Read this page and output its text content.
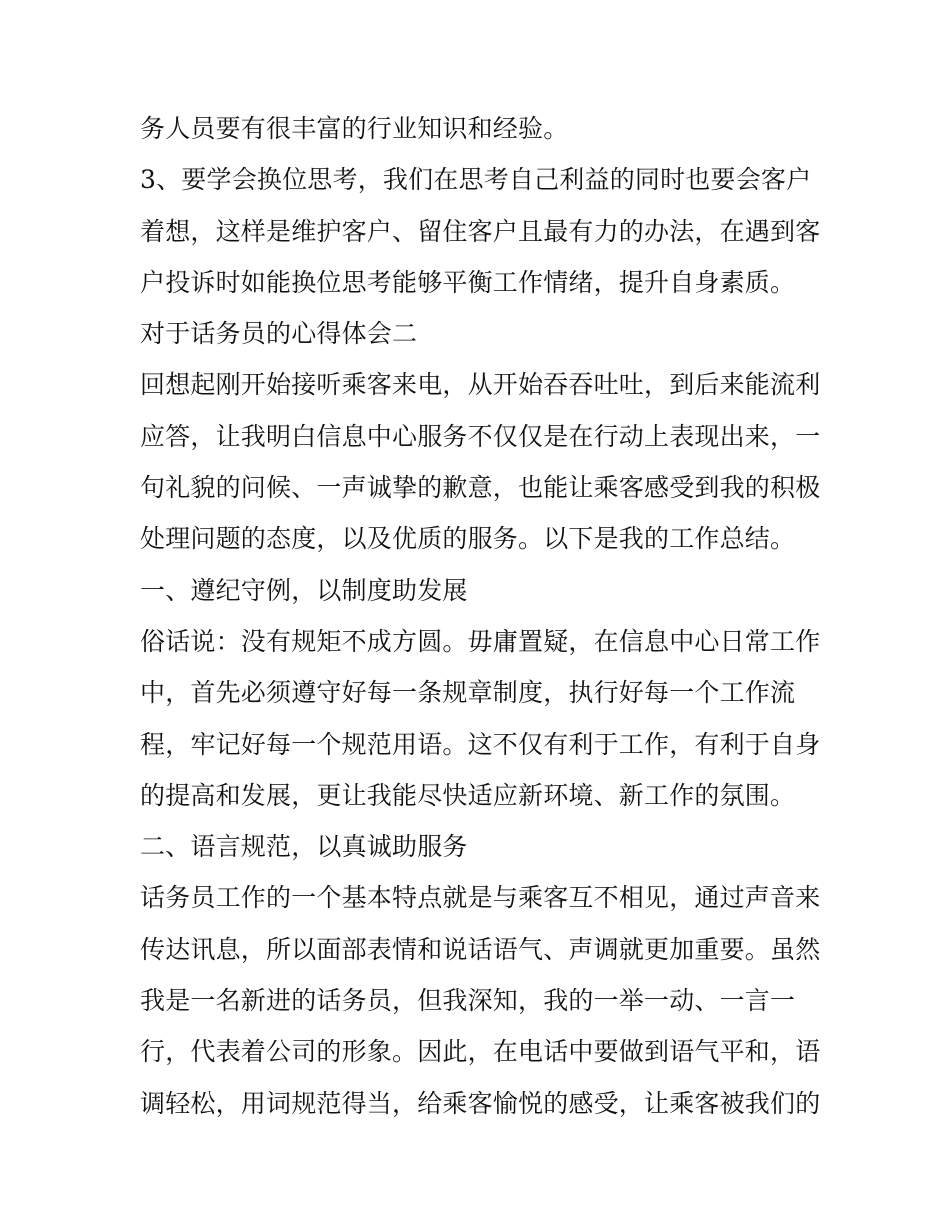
务人员要有很丰富的行业知识和经验。
3、要学会换位思考，我们在思考自己利益的同时也要会客户
着想，这样是维护客户、留住客户且最有力的办法，在遇到客
户投诉时如能换位思考能够平衡工作情绪，提升自身素质。
对于话务员的心得体会二
回想起刚开始接听乘客来电，从开始吞吞吐吐，到后来能流利
应答，让我明白信息中心服务不仅仅是在行动上表现出来，一
句礼貌的问候、一声诚挚的歉意，也能让乘客感受到我的积极
处理问题的态度，以及优质的服务。以下是我的工作总结。
一、遵纪守例，以制度助发展
俗话说：没有规矩不成方圆。毋庸置疑，在信息中心日常工作
中，首先必须遵守好每一条规章制度，执行好每一个工作流
程，牢记好每一个规范用语。这不仅有利于工作，有利于自身
的提高和发展，更让我能尽快适应新环境、新工作的氛围。
二、语言规范，以真诚助服务
话务员工作的一个基本特点就是与乘客互不相见，通过声音来
传达讯息，所以面部表情和说话语气、声调就更加重要。虽然
我是一名新进的话务员，但我深知，我的一举一动、一言一
行，代表着公司的形象。因此，在电话中要做到语气平和，语
调轻松，用词规范得当，给乘客愉悦的感受，让乘客被我们的
